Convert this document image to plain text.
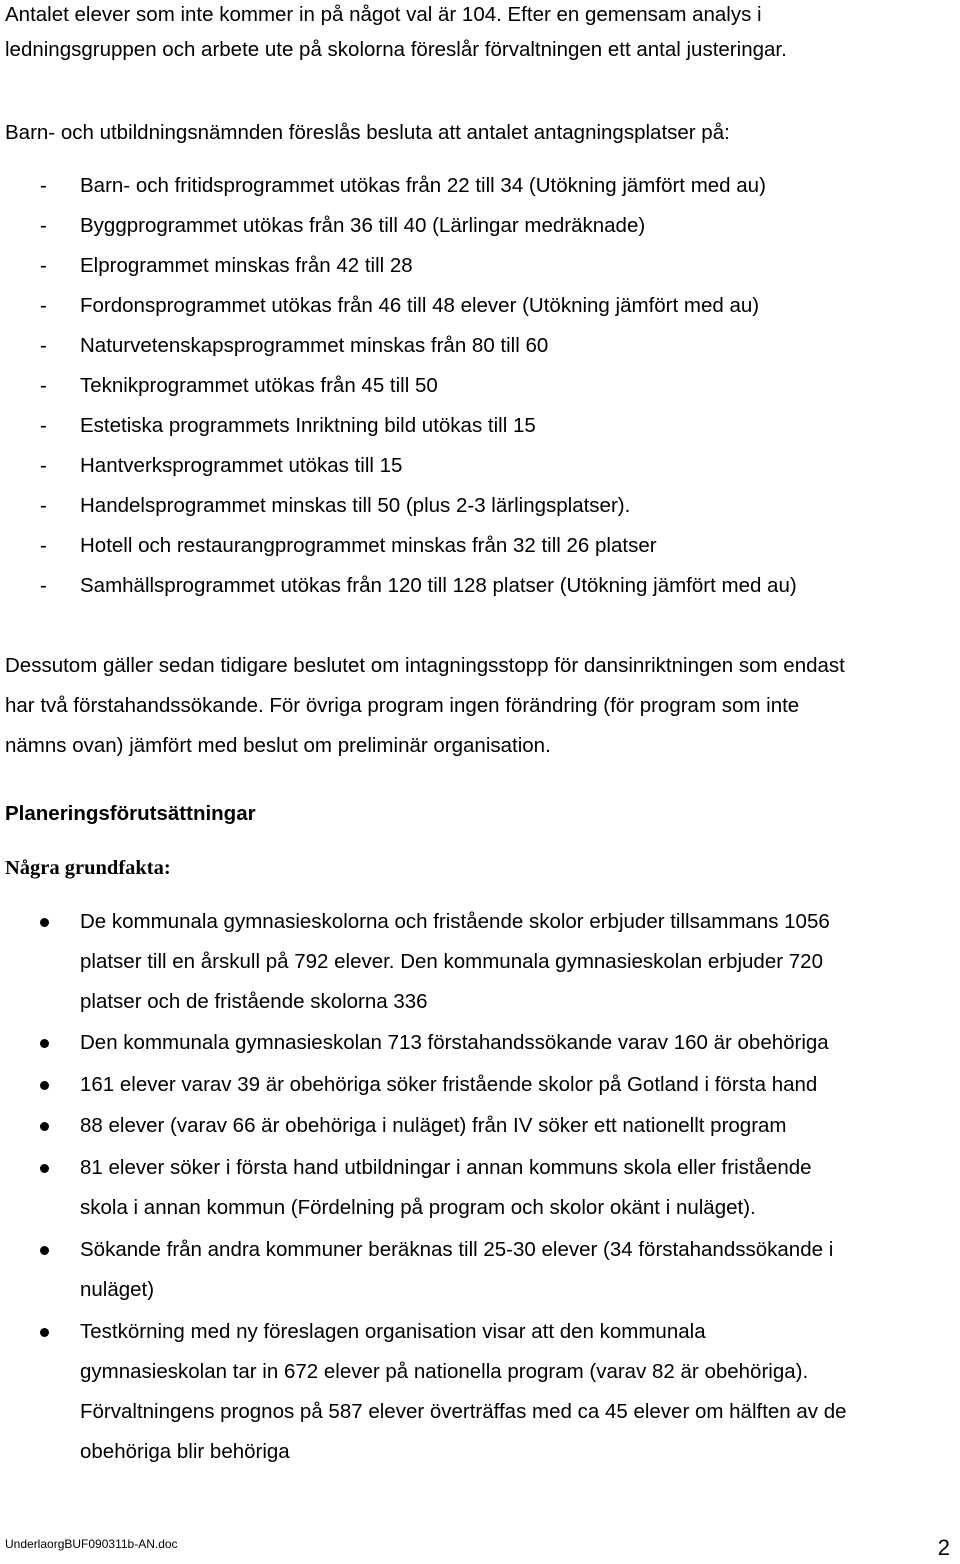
Antalet elever som inte kommer in på något val är 104. Efter en gemensam analys i
ledningsgruppen och arbete ute på skolorna föreslår förvaltningen ett antal justeringar.
Barn- och utbildningsnämnden föreslås besluta att antalet antagningsplatser på:
- Barn- och fritidsprogrammet utökas från 22 till 34 (Utökning jämfört med au)
- Byggprogrammet utökas från 36 till 40 (Lärlingar medräknade)
- Elprogrammet minskas från 42 till 28
- Fordonsprogrammet utökas från 46 till 48 elever (Utökning jämfört med au)
- Naturvetenskapsprogrammet minskas från 80 till 60
- Teknikprogrammet utökas från 45 till 50
- Estetiska programmets Inriktning bild utökas till 15
- Hantverksprogrammet utökas till 15
- Handelsprogrammet minskas till 50 (plus 2-3 lärlingsplatser).
- Hotell och restaurangprogrammet minskas från 32 till 26 platser
- Samhällsprogrammet utökas från 120 till 128 platser (Utökning jämfört med au)
Dessutom gäller sedan tidigare beslutet om intagningsstopp för dansinriktningen som endast
har två förstahandssökande. För övriga program ingen förändring (för program som inte
nämns ovan) jämfört med beslut om preliminär organisation.
Planeringsförutsättningar
Några grundfakta:
De kommunala gymnasieskolorna och fristående skolor erbjuder tillsammans 1056
platser till en årskull på 792 elever. Den kommunala gymnasieskolan erbjuder 720
platser och de fristående skolorna 336
Den kommunala gymnasieskolan 713 förstahandssökande varav 160 är obehöriga
161 elever varav 39 är obehöriga söker fristående skolor på Gotland i första hand
88 elever (varav 66 är obehöriga i nuläget) från IV söker ett nationellt program
81 elever söker i första hand utbildningar i annan kommuns skola eller fristående
skola i annan kommun (Fördelning på program och skolor okänt i nuläget).
Sökande från andra kommuner beräknas till 25-30 elever (34 förstahandssökande i
nuläget)
Testkörning med ny föreslagen organisation visar att den kommunala
gymnasieskolan tar in 672 elever på nationella program (varav 82 är obehöriga).
Förvaltningens prognos på 587 elever överträffas med ca 45 elever om hälften av de
obehöriga blir behöriga
UnderlaorgBUF090311b-AN.doc	2
